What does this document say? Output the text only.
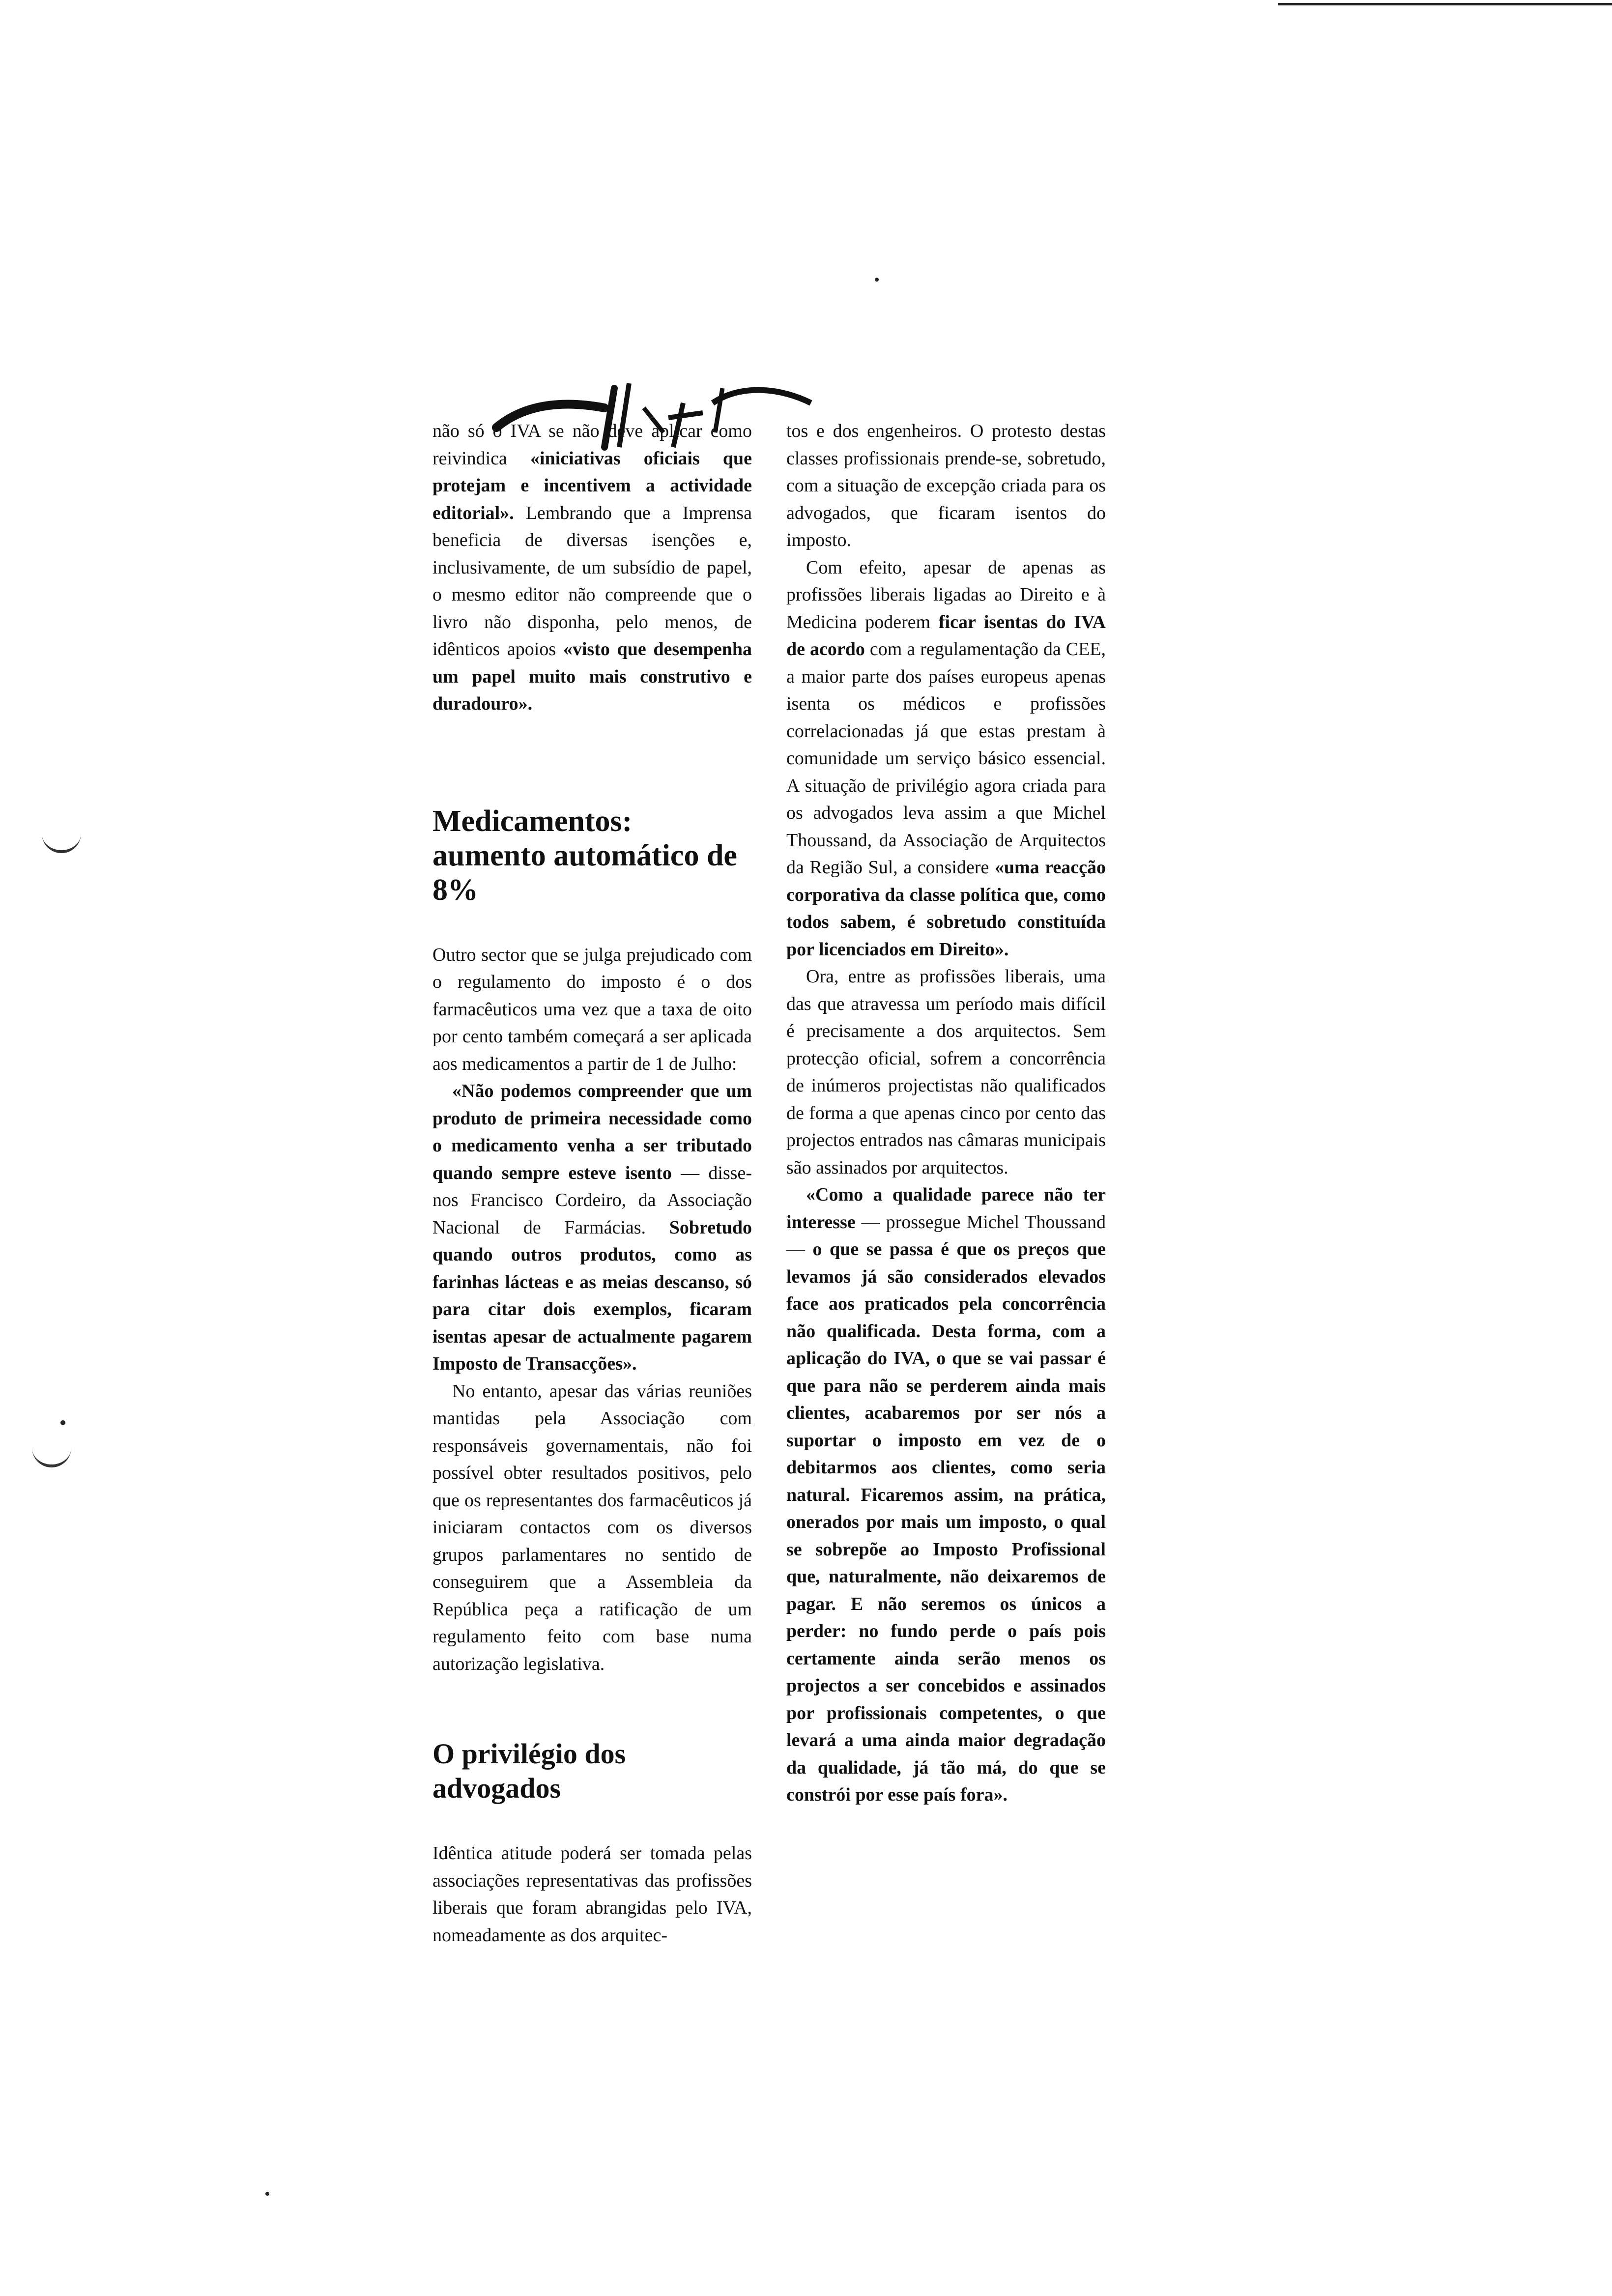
não só o IVA se não deve aplicar como reivindica «iniciativas oficiais que protejam e incentivem a actividade editorial». Lembrando que a Imprensa beneficia de diversas isenções e, inclusivamente, de um subsídio de papel, o mesmo editor não compreende que o livro não disponha, pelo menos, de idênticos apoios «visto que desempenha um papel muito mais construtivo e duradouro».

Medicamentos: aumento automático de 8%

Outro sector que se julga prejudicado com o regulamento do imposto é o dos farmacêuticos uma vez que a taxa de oito por cento também começará a ser aplicada aos medicamentos a partir de 1 de Julho:

«Não podemos compreender que um produto de primeira necessidade como o medicamento venha a ser tributado quando sempre esteve isento — disse-nos Francisco Cordeiro, da Associação Nacional de Farmácias. Sobretudo quando outros produtos, como as farinhas lácteas e as meias descanso, só para citar dois exemplos, ficaram isentas apesar de actualmente pagarem Imposto de Transacções».

No entanto, apesar das várias reuniões mantidas pela Associação com responsáveis governamentais, não foi possível obter resultados positivos, pelo que os representantes dos farmacêuticos já iniciaram contactos com os diversos grupos parlamentares no sentido de conseguirem que a Assembleia da República peça a ratificação de um regulamento feito com base numa autorização legislativa.

O privilégio dos advogados

Idêntica atitude poderá ser tomada pelas associações representativas das profissões liberais que foram abrangidas pelo IVA, nomeadamente as dos arquitec-

tos e dos engenheiros. O protesto destas classes profissionais prende-se, sobretudo, com a situação de excepção criada para os advogados, que ficaram isentos do imposto.

Com efeito, apesar de apenas as profissões liberais ligadas ao Direito e à Medicina poderem ficar isentas do IVA de acordo com a regulamentação da CEE, a maior parte dos países europeus apenas isenta os médicos e profissões correlacionadas já que estas prestam à comunidade um serviço básico essencial. A situação de privilégio agora criada para os advogados leva assim a que Michel Thoussand, da Associação de Arquitectos da Região Sul, a considere «uma reacção corporativa da classe política que, como todos sabem, é sobretudo constituída por licenciados em Direito».

Ora, entre as profissões liberais, uma das que atravessa um período mais difícil é precisamente a dos arquitectos. Sem protecção oficial, sofrem a concorrência de inúmeros projectistas não qualificados de forma a que apenas cinco por cento das projectos entrados nas câmaras municipais são assinados por arquitectos.

«Como a qualidade parece não ter interesse — prossegue Michel Thoussand — o que se passa é que os preços que levamos já são considerados elevados face aos praticados pela concorrência não qualificada. Desta forma, com a aplicação do IVA, o que se vai passar é que para não se perderem ainda mais clientes, acabaremos por ser nós a suportar o imposto em vez de o debitarmos aos clientes, como seria natural. Ficaremos assim, na prática, onerados por mais um imposto, o qual se sobrepõe ao Imposto Profissional que, naturalmente, não deixaremos de pagar. E não seremos os únicos a perder: no fundo perde o país pois certamente ainda serão menos os projectos a ser concebidos e assinados por profissionais competentes, o que levará a uma ainda maior degradação da qualidade, já tão má, do que se constrói por esse país fora».
